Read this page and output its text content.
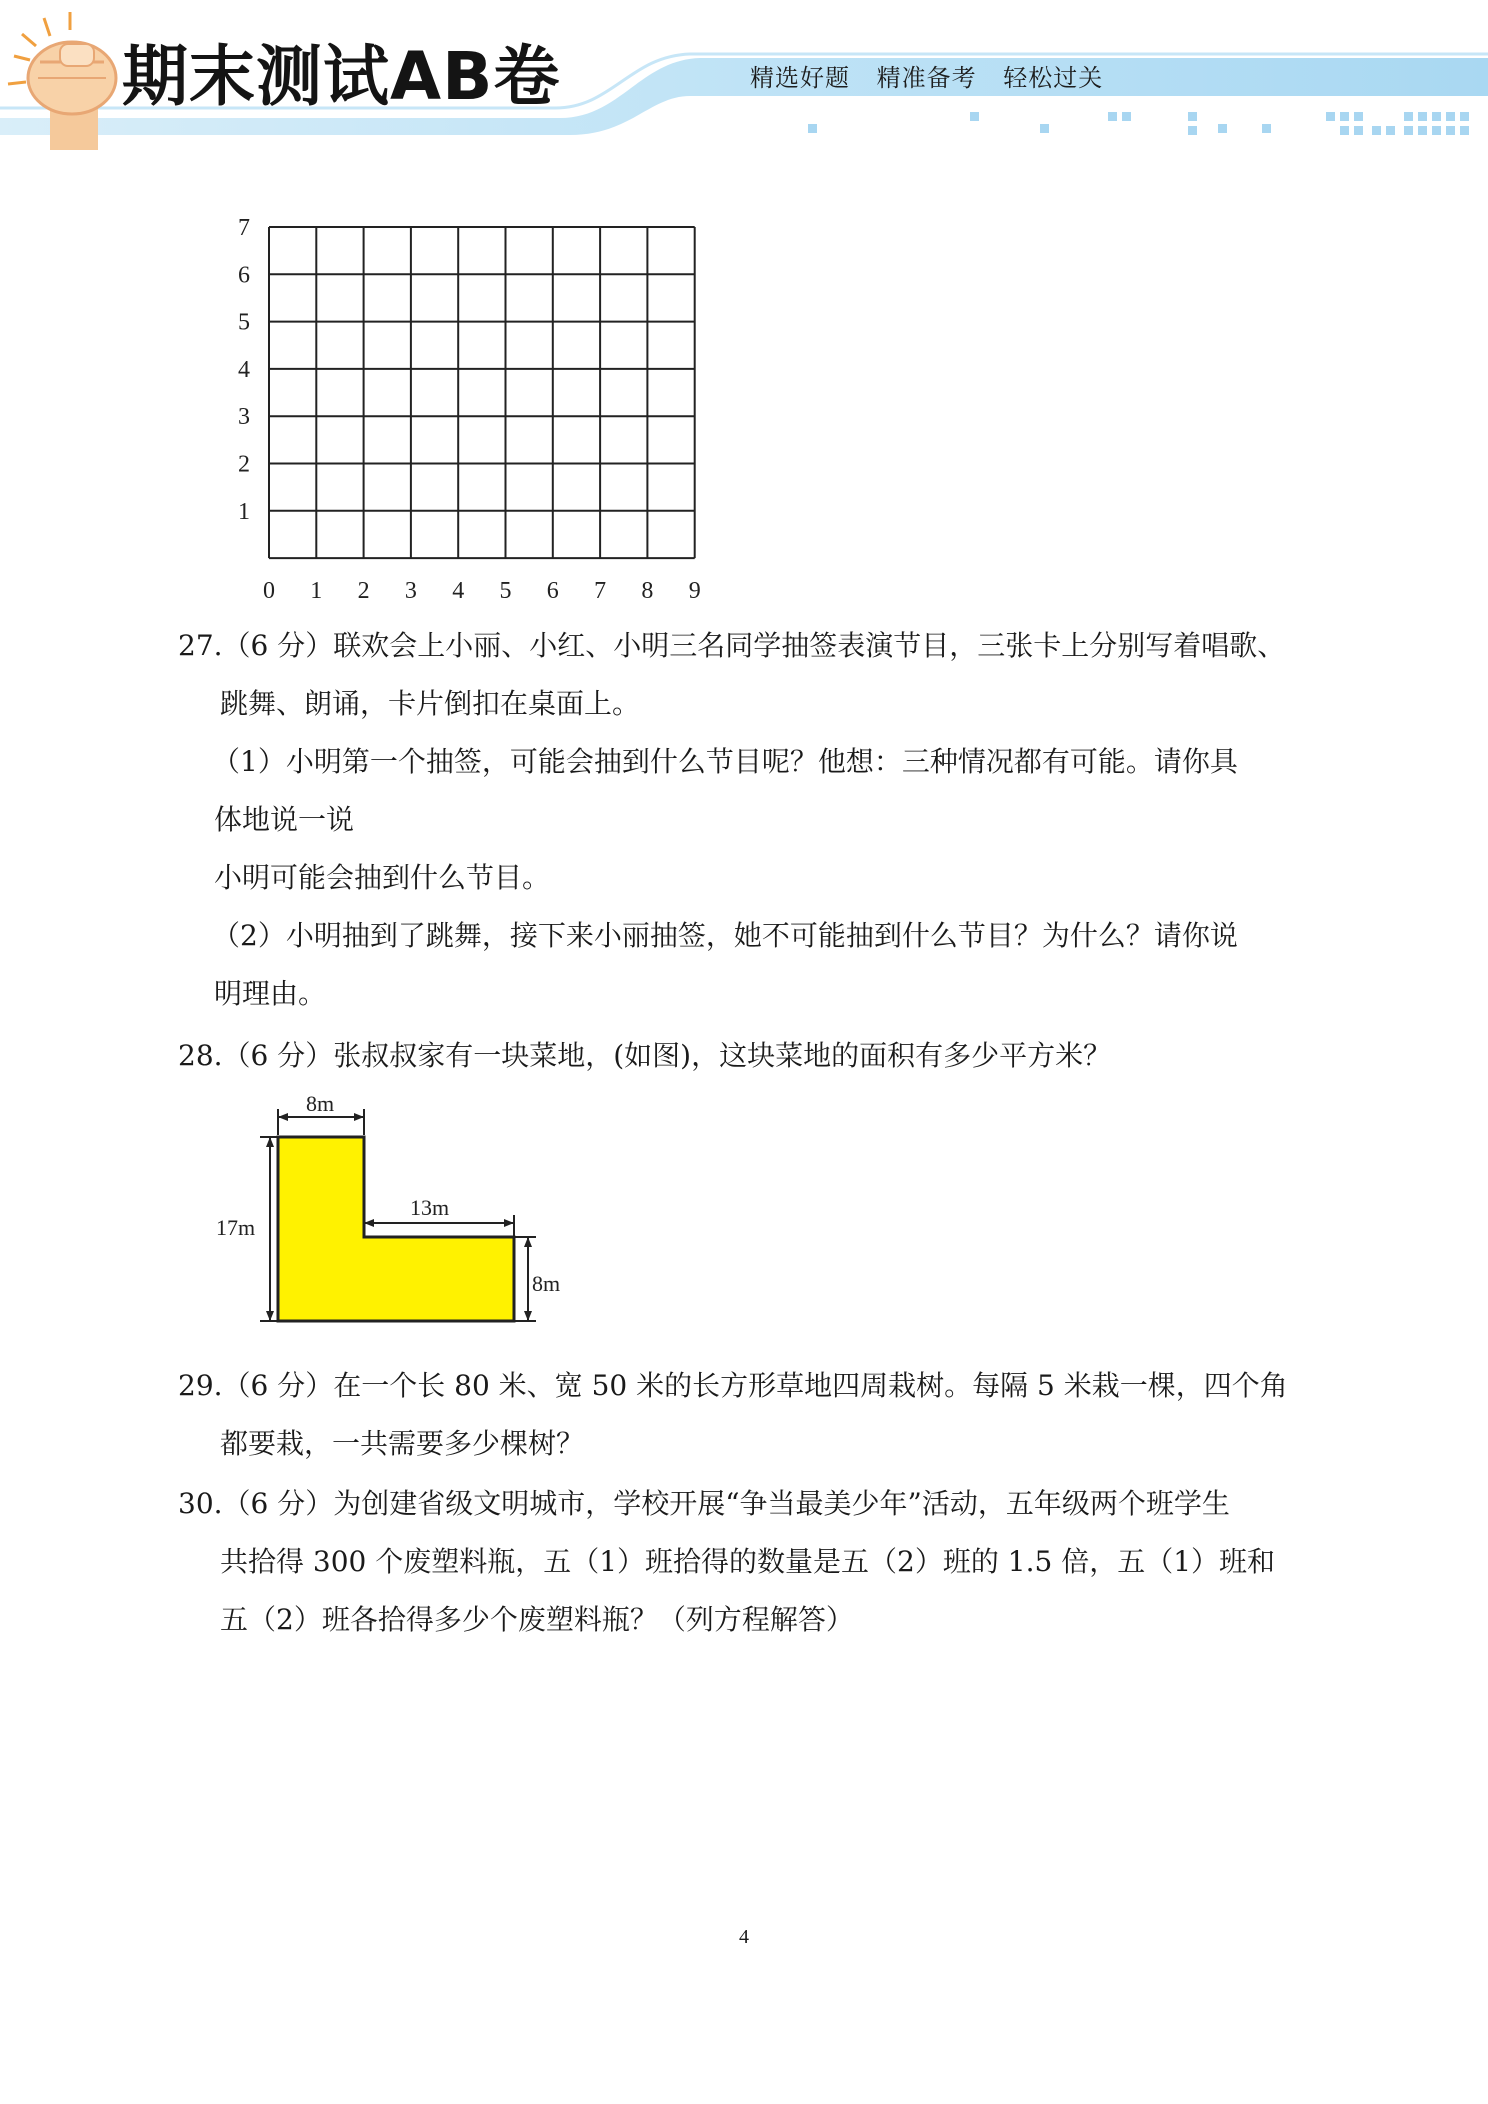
期末测试AB卷	精选好题 精准备考 轻松过关
7
6
5
4
3
2
1
0 1 2 3 4 5 6 7 8 9
27.（6 分）联欢会上小丽、小红、小明三名同学抽签表演节目，三张卡上分别写着唱歌、
跳舞、朗诵，卡片倒扣在桌面上。
（1）小明第一个抽签，可能会抽到什么节目呢？他想：三种情况都有可能。请你具
体地说一说
小明可能会抽到什么节目。
（2）小明抽到了跳舞，接下来小丽抽签，她不可能抽到什么节目？为什么？请你说
明理由。
28.（6 分）张叔叔家有一块菜地，(如图)，这块菜地的面积有多少平方米？
8m
13m
17m
8m
29.（6 分）在一个长 80 米、宽 50 米的长方形草地四周栽树。每隔 5 米栽一棵，四个角
都要栽，一共需要多少棵树？
30.（6 分）为创建省级文明城市，学校开展“争当最美少年”活动，五年级两个班学生
共拾得 300 个废塑料瓶，五（1）班拾得的数量是五（2）班的 1.5 倍，五（1）班和
五（2）班各拾得多少个废塑料瓶？（列方程解答）
4
